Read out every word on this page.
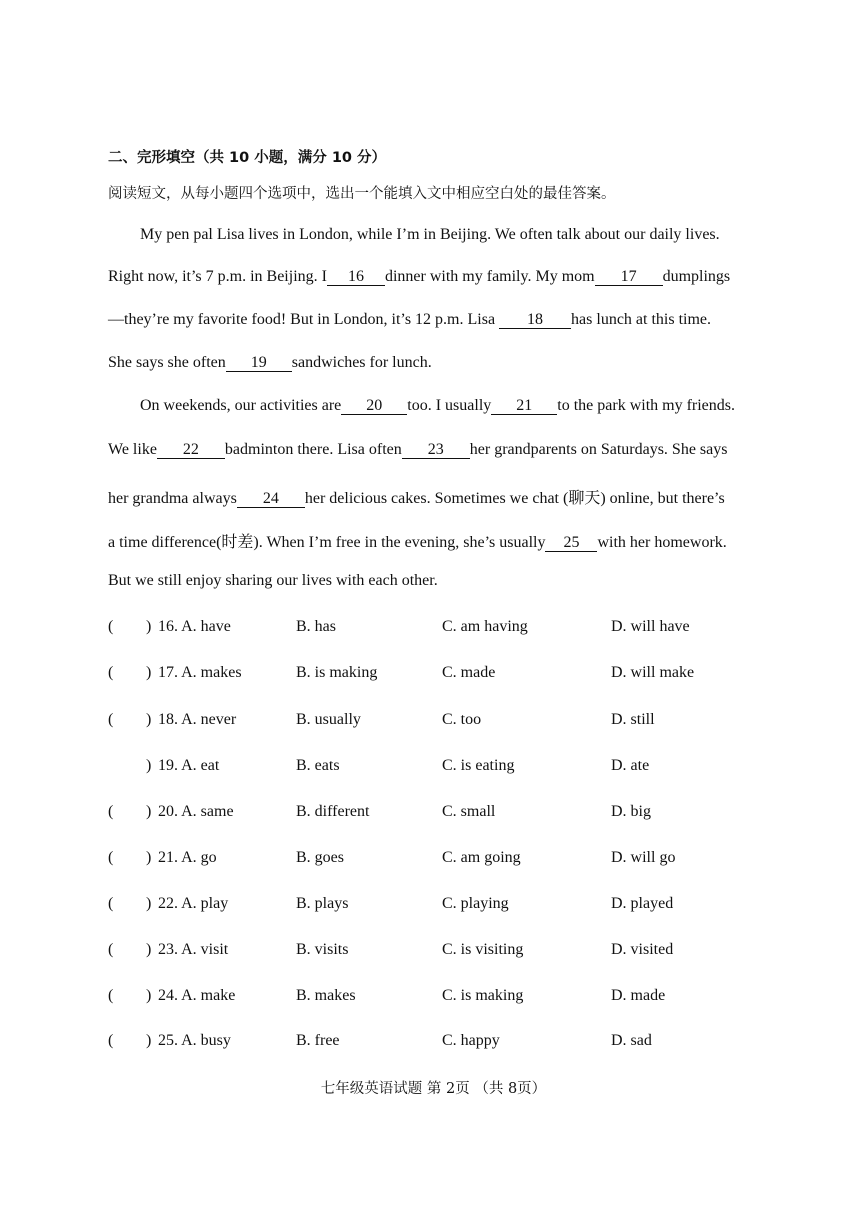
二、完形填空（共 10 小题，满分 10 分）
阅读短文，从每小题四个选项中，选出一个能填入文中相应空白处的最佳答案。
My pen pal Lisa lives in London, while I’m in Beijing. We often talk about our daily lives.
Right now, it’s 7 p.m. in Beijing. I 16 dinner with my family. My mom 17 dumplings
—they’re my favorite food! But in London, it’s 12 p.m. Lisa 18 has lunch at this time.
She says she often 19 sandwiches for lunch.
On weekends, our activities are 20 too. I usually 21 to the park with my friends.
We like 22 badminton there. Lisa often 23 her grandparents on Saturdays. She says
her grandma always 24 her delicious cakes. Sometimes we chat (聊天) online, but there’s
a time difference(时差). When I’m free in the evening, she’s usually 25 with her homework.
But we still enjoy sharing our lives with each other.
( ) 16. A. have	B. has	C. am having	D. will have
( ) 17. A. makes	B. is making	C. made	D. will make
( ) 18. A. never	B. usually	C. too	D. still
) 19. A. eat	B. eats	C. is eating	D. ate
( ) 20. A. same	B. different	C. small	D. big
( ) 21. A. go	B. goes	C. am going	D. will go
( ) 22. A. play	B. plays	C. playing	D. played
( ) 23. A. visit	B. visits	C. is visiting	D. visited
( ) 24. A. make	B. makes	C. is making	D. made
( ) 25. A. busy	B. free	C. happy	D. sad
七年级英语试题 第 2页 （共 8页）
